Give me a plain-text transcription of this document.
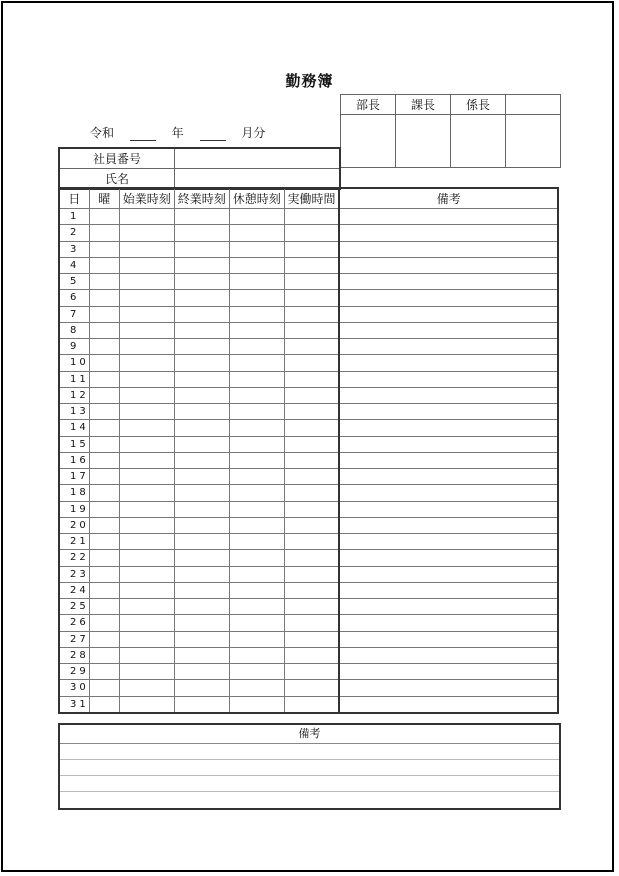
勤務簿
令和	年	月分
部長	課長	係長	

社員番号	
氏名	
日	曜	始業時刻	終業時刻	休憩時刻	実働時間	備考
1						
2						
3						
4						
5						
6						
7						
8						
9						
10						
11						
12						
13						
14						
15						
16						
17						
18						
19						
20						
21						
22						
23						
24						
25						
26						
27						
28						
29						
30						
31						
備考
